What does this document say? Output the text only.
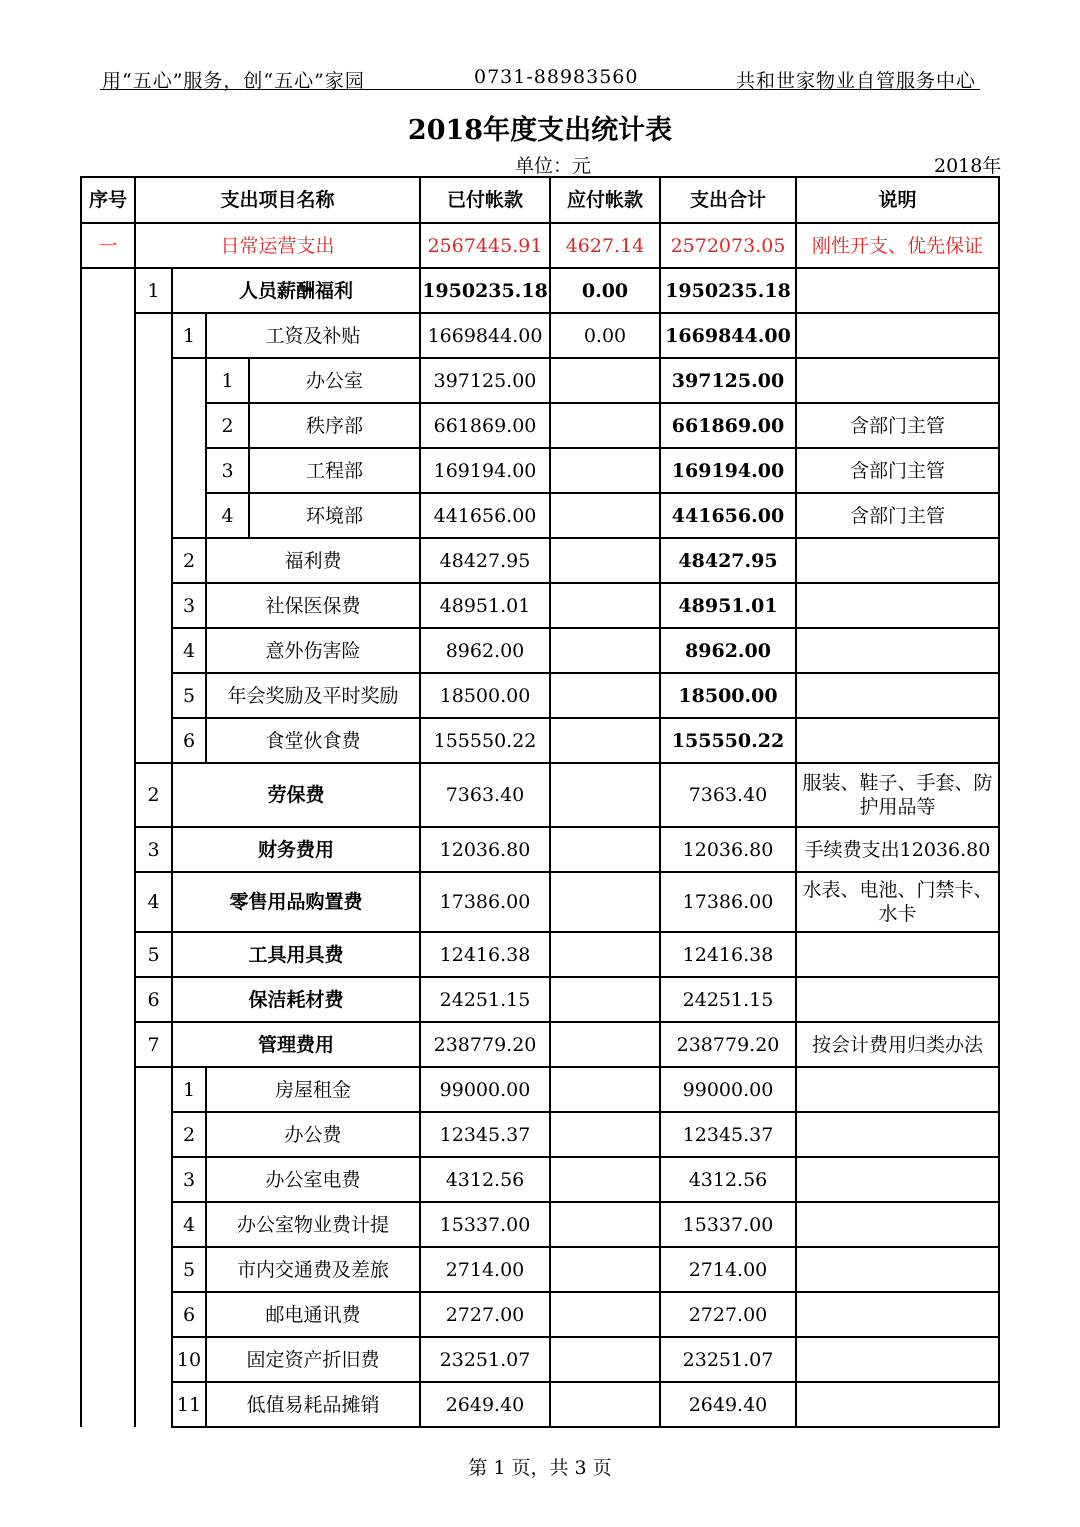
用“五心”服务，创“五心”家园	0731-88983560	共和世家物业自管服务中心
2018年度支出统计表
单位：元	2018年
序号	支出项目名称				已付帐款	应付帐款	支出合计	说明
一	日常运营支出				2567445.91	4627.14	2572073.05	刚性开支、优先保证
	1	人员薪酬福利			1950235.18	0.00	1950235.18	
		1	工资及补贴		1669844.00	0.00	1669844.00	
			1	办公室	397125.00		397125.00	
			2	秩序部	661869.00		661869.00	含部门主管
			3	工程部	169194.00		169194.00	含部门主管
			4	环境部	441656.00		441656.00	含部门主管
		2	福利费		48427.95		48427.95	
		3	社保医保费		48951.01		48951.01	
		4	意外伤害险		8962.00		8962.00	
		5	年会奖励及平时奖励		18500.00		18500.00	
		6	食堂伙食费		155550.22		155550.22	
	2	劳保费			7363.40		7363.40	服装、鞋子、手套、防护用品等
	3	财务费用			12036.80		12036.80	手续费支出12036.80
	4	零售用品购置费			17386.00		17386.00	水表、电池、门禁卡、水卡
	5	工具用具费			12416.38		12416.38	
	6	保洁耗材费			24251.15		24251.15	
	7	管理费用			238779.20		238779.20	按会计费用归类办法
		1	房屋租金		99000.00		99000.00	
		2	办公费		12345.37		12345.37	
		3	办公室电费		4312.56		4312.56	
		4	办公室物业费计提		15337.00		15337.00	
		5	市内交通费及差旅		2714.00		2714.00	
		6	邮电通讯费		2727.00		2727.00	
		10	固定资产折旧费		23251.07		23251.07	
		11	低值易耗品摊销		2649.40		2649.40	
第 1 页，共 3 页
